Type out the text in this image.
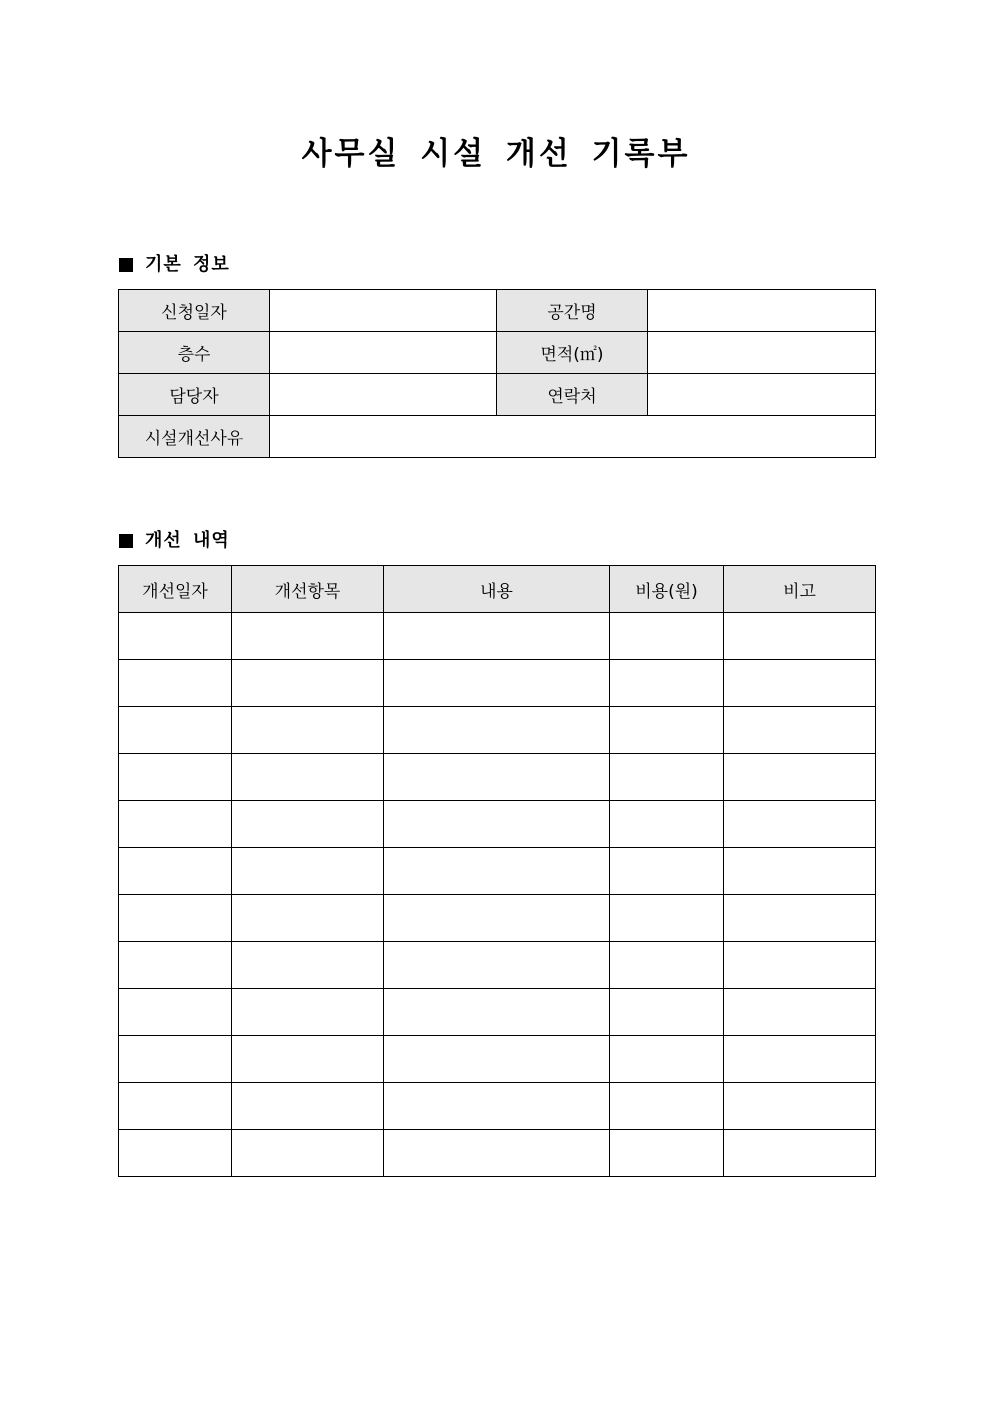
사무실 시설 개선 기록부
기본 정보
신청일자		공간명	
층수		면적(㎡)	
담당자		연락처	
시설개선사유			
개선 내역
개선일자	개선항목	내용	비용(원)	비고
